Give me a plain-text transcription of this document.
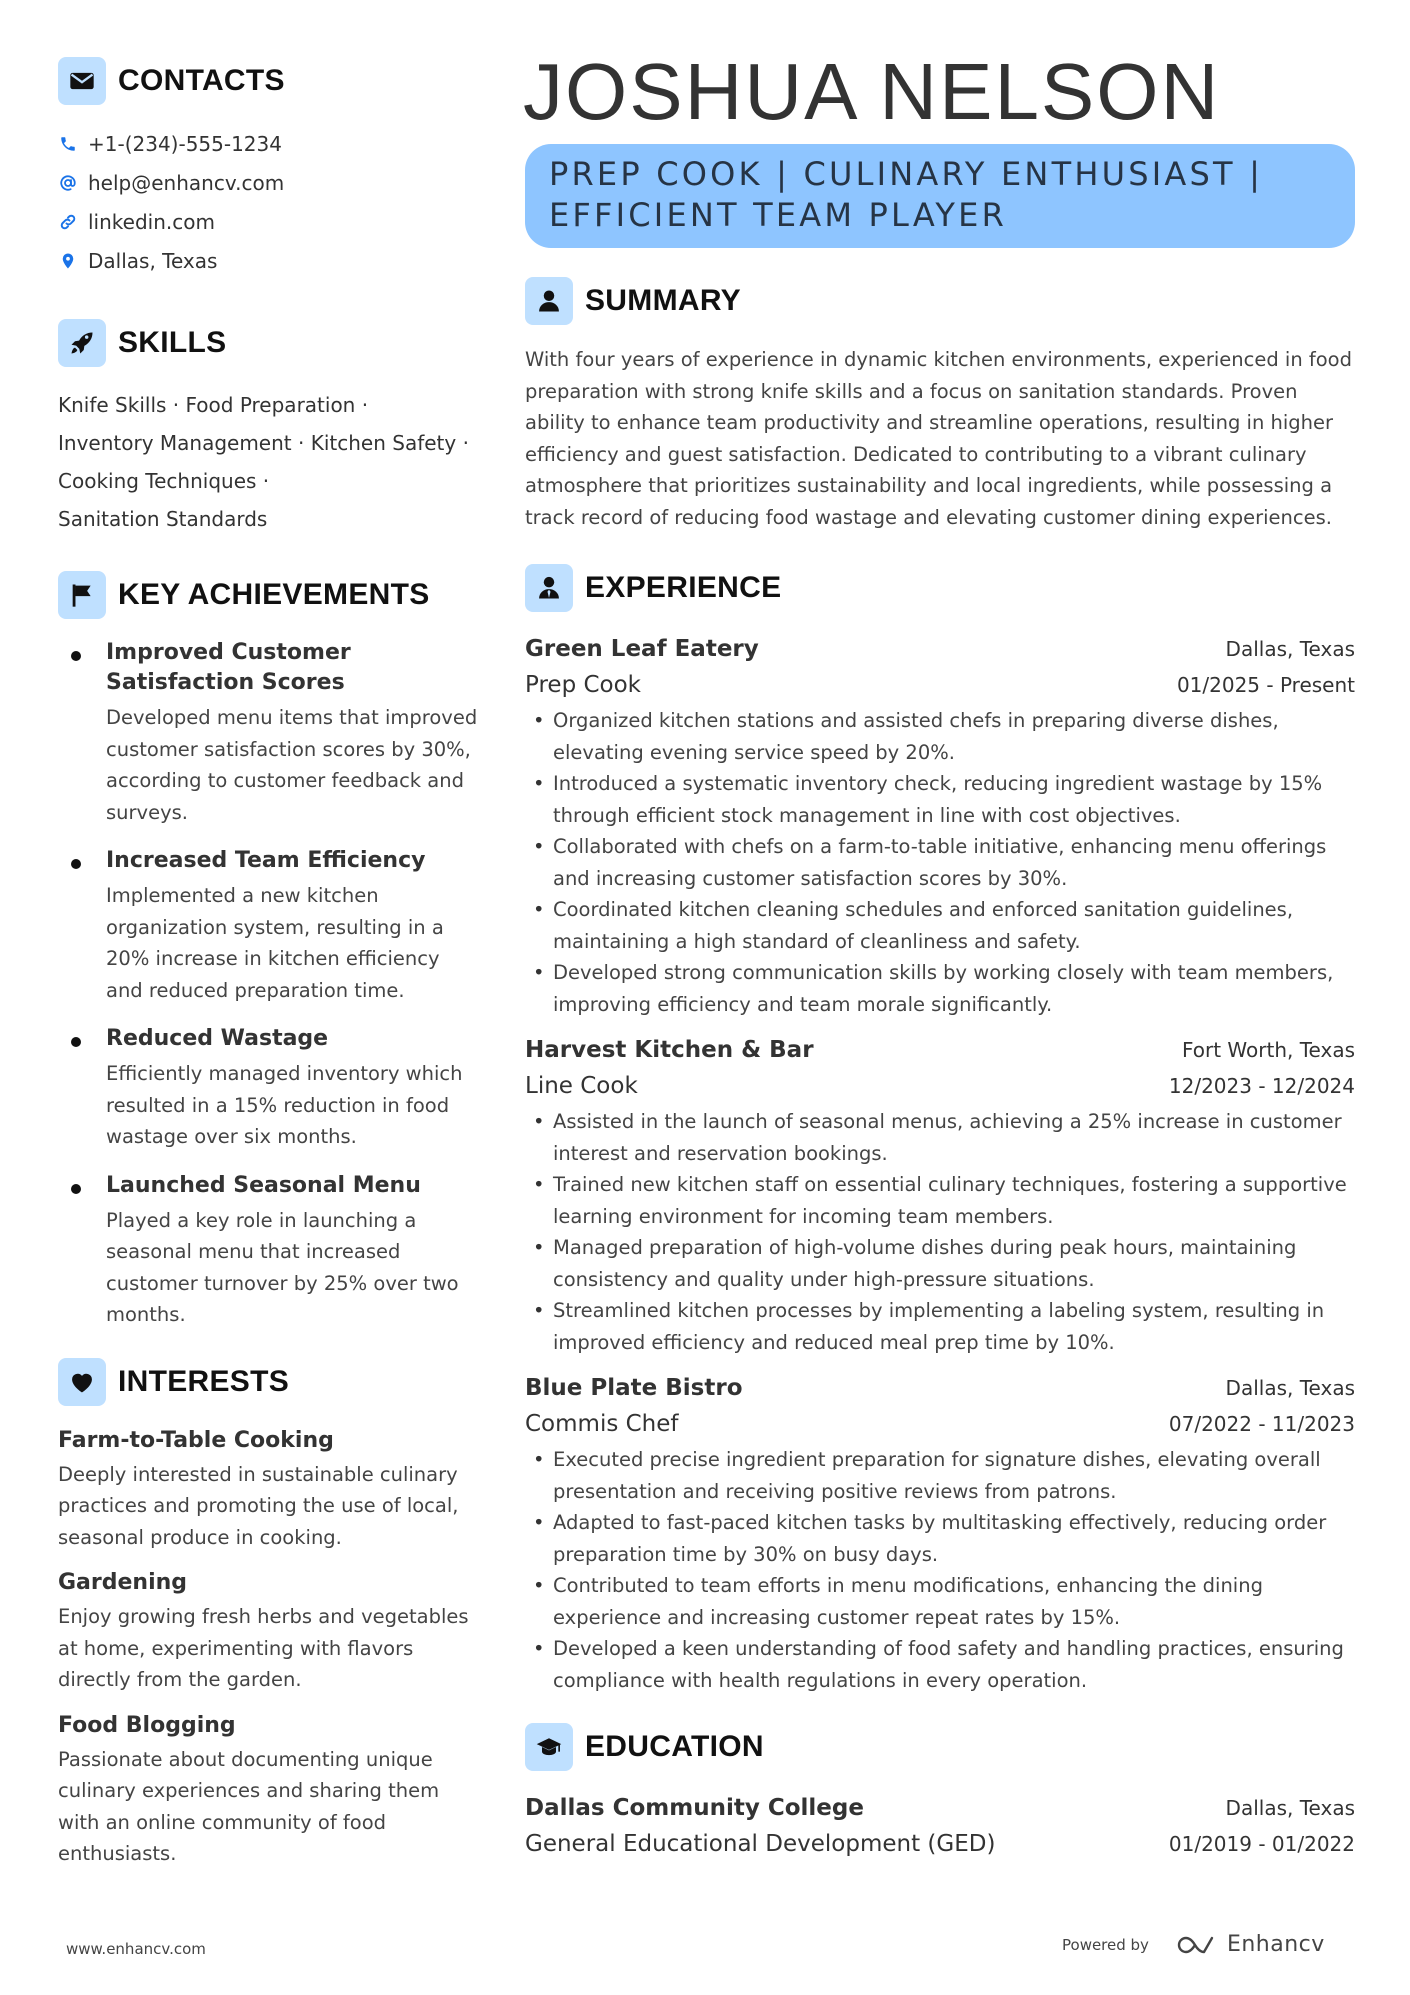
CONTACTS
+1-(234)-555-1234
help@enhancv.com
linkedin.com
Dallas, Texas
SKILLS
Knife Skills · Food Preparation ·
Inventory Management · Kitchen Safety ·
Cooking Techniques ·
Sanitation Standards
KEY ACHIEVEMENTS
Improved Customer Satisfaction Scores
Developed menu items that improved customer satisfaction scores by 30%, according to customer feedback and surveys.
Increased Team Efficiency
Implemented a new kitchen organization system, resulting in a 20% increase in kitchen efficiency and reduced preparation time.
Reduced Wastage
Efficiently managed inventory which resulted in a 15% reduction in food wastage over six months.
Launched Seasonal Menu
Played a key role in launching a seasonal menu that increased customer turnover by 25% over two months.
INTERESTS
Farm-to-Table Cooking
Deeply interested in sustainable culinary practices and promoting the use of local, seasonal produce in cooking.
Gardening
Enjoy growing fresh herbs and vegetables at home, experimenting with flavors directly from the garden.
Food Blogging
Passionate about documenting unique culinary experiences and sharing them with an online community of food enthusiasts.
JOSHUA NELSON
PREP COOK | CULINARY ENTHUSIAST | EFFICIENT TEAM PLAYER
SUMMARY
With four years of experience in dynamic kitchen environments, experienced in food preparation with strong knife skills and a focus on sanitation standards. Proven ability to enhance team productivity and streamline operations, resulting in higher efficiency and guest satisfaction. Dedicated to contributing to a vibrant culinary atmosphere that prioritizes sustainability and local ingredients, while possessing a track record of reducing food wastage and elevating customer dining experiences.
EXPERIENCE
Green Leaf Eatery	Dallas, Texas
Prep Cook	01/2025 - Present
• Organized kitchen stations and assisted chefs in preparing diverse dishes, elevating evening service speed by 20%.
• Introduced a systematic inventory check, reducing ingredient wastage by 15% through efficient stock management in line with cost objectives.
• Collaborated with chefs on a farm-to-table initiative, enhancing menu offerings and increasing customer satisfaction scores by 30%.
• Coordinated kitchen cleaning schedules and enforced sanitation guidelines, maintaining a high standard of cleanliness and safety.
• Developed strong communication skills by working closely with team members, improving efficiency and team morale significantly.
Harvest Kitchen & Bar	Fort Worth, Texas
Line Cook	12/2023 - 12/2024
• Assisted in the launch of seasonal menus, achieving a 25% increase in customer interest and reservation bookings.
• Trained new kitchen staff on essential culinary techniques, fostering a supportive learning environment for incoming team members.
• Managed preparation of high-volume dishes during peak hours, maintaining consistency and quality under high-pressure situations.
• Streamlined kitchen processes by implementing a labeling system, resulting in improved efficiency and reduced meal prep time by 10%.
Blue Plate Bistro	Dallas, Texas
Commis Chef	07/2022 - 11/2023
• Executed precise ingredient preparation for signature dishes, elevating overall presentation and receiving positive reviews from patrons.
• Adapted to fast-paced kitchen tasks by multitasking effectively, reducing order preparation time by 30% on busy days.
• Contributed to team efforts in menu modifications, enhancing the dining experience and increasing customer repeat rates by 15%.
• Developed a keen understanding of food safety and handling practices, ensuring compliance with health regulations in every operation.
EDUCATION
Dallas Community College	Dallas, Texas
General Educational Development (GED)	01/2019 - 01/2022
www.enhancv.com	Powered by	Enhancv
